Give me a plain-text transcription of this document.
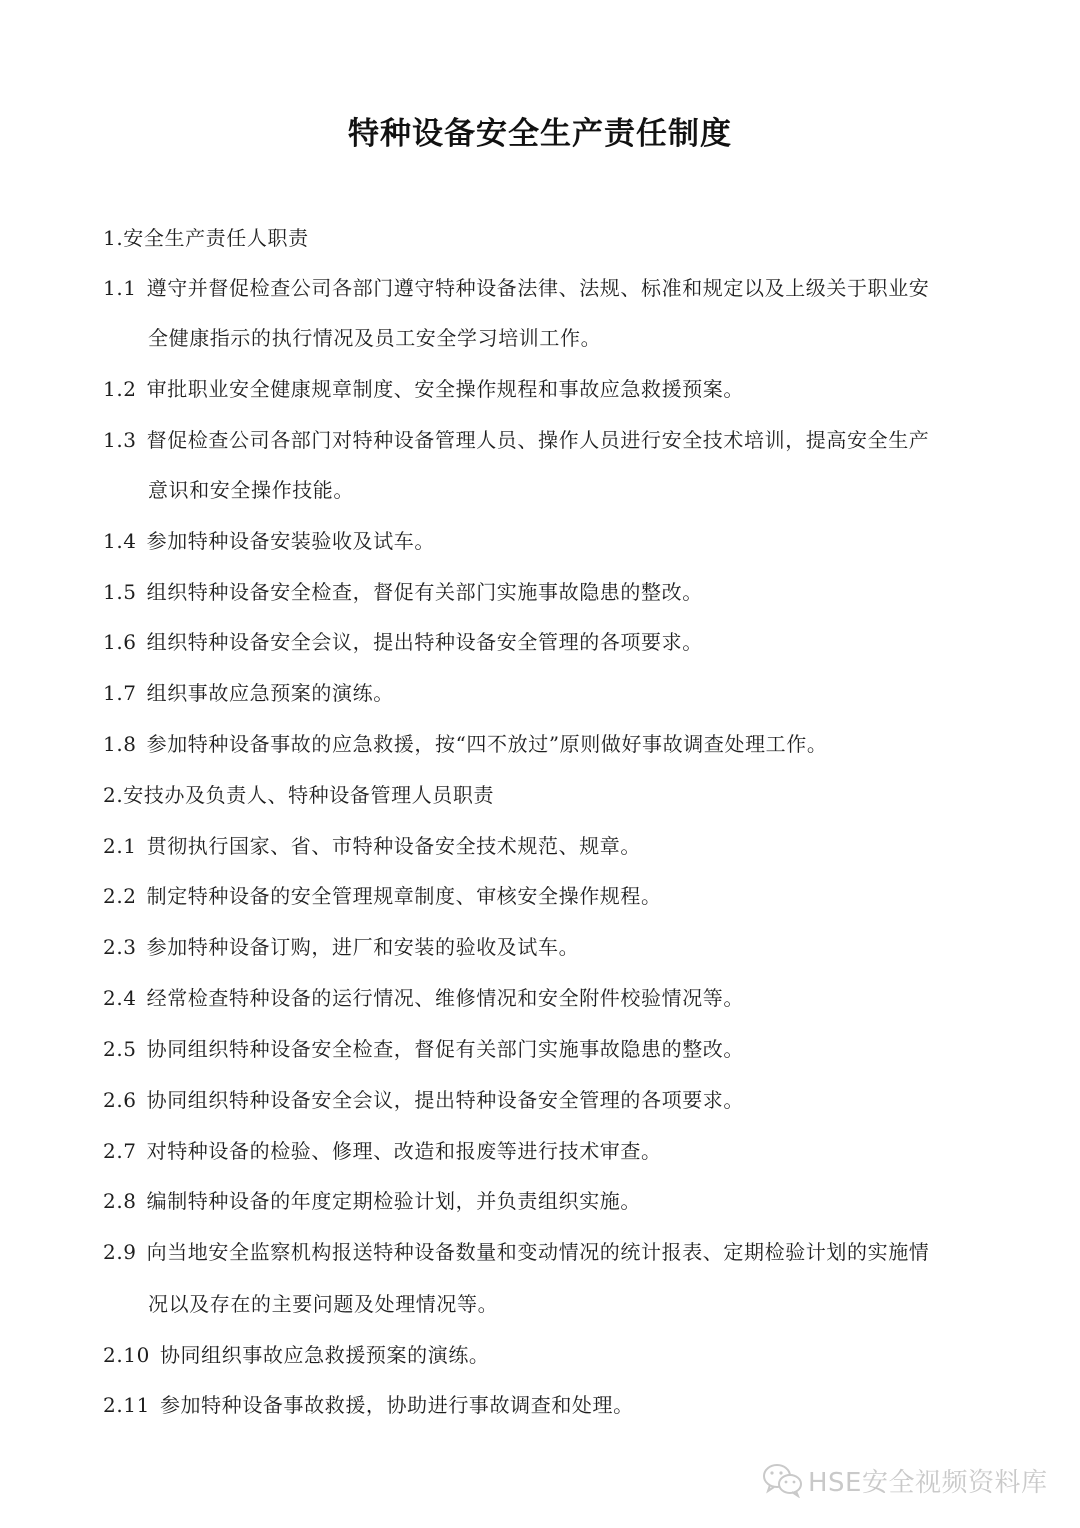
特种设备安全生产责任制度
1.安全生产责任人职责
1.1 遵守并督促检查公司各部门遵守特种设备法律、法规、标准和规定以及上级关于职业安
全健康指示的执行情况及员工安全学习培训工作。
1.2 审批职业安全健康规章制度、安全操作规程和事故应急救援预案。
1.3 督促检查公司各部门对特种设备管理人员、操作人员进行安全技术培训，提高安全生产
意识和安全操作技能。
1.4 参加特种设备安装验收及试车。
1.5 组织特种设备安全检查，督促有关部门实施事故隐患的整改。
1.6 组织特种设备安全会议，提出特种设备安全管理的各项要求。
1.7 组织事故应急预案的演练。
1.8 参加特种设备事故的应急救援，按“四不放过”原则做好事故调查处理工作。
2.安技办及负责人、特种设备管理人员职责
2.1 贯彻执行国家、省、市特种设备安全技术规范、规章。
2.2 制定特种设备的安全管理规章制度、审核安全操作规程。
2.3 参加特种设备订购，进厂和安装的验收及试车。
2.4 经常检查特种设备的运行情况、维修情况和安全附件校验情况等。
2.5 协同组织特种设备安全检查，督促有关部门实施事故隐患的整改。
2.6 协同组织特种设备安全会议，提出特种设备安全管理的各项要求。
2.7 对特种设备的检验、修理、改造和报废等进行技术审查。
2.8 编制特种设备的年度定期检验计划，并负责组织实施。
2.9 向当地安全监察机构报送特种设备数量和变动情况的统计报表、定期检验计划的实施情
况以及存在的主要问题及处理情况等。
2.10 协同组织事故应急救援预案的演练。
2.11 参加特种设备事故救援，协助进行事故调查和处理。
HSE安全视频资料库
